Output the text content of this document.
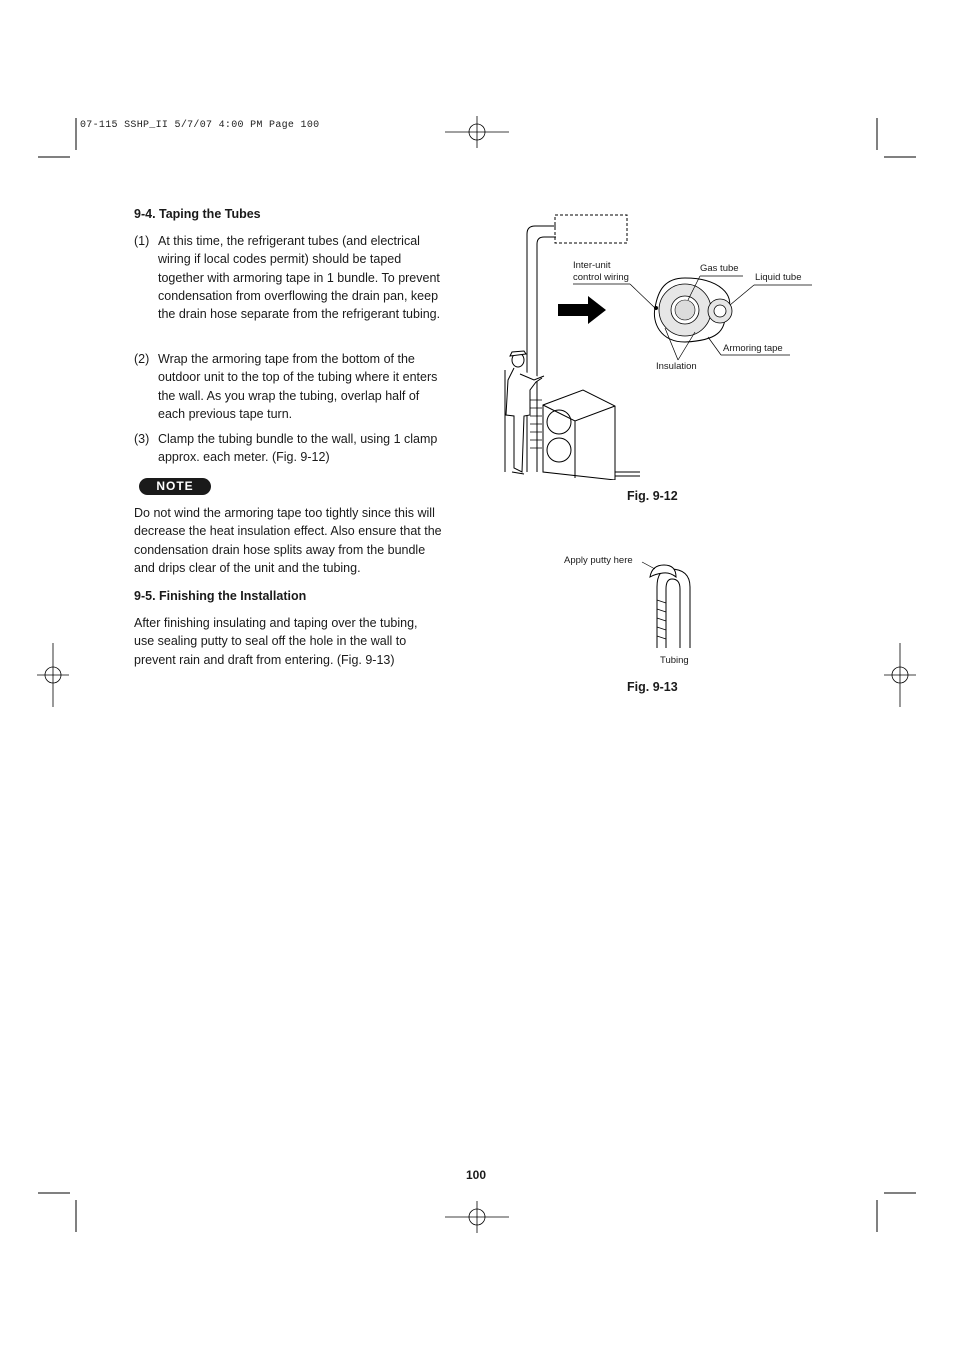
07-115 SSHP_II 5/7/07 4:00 PM Page 100
9-4. Taping the Tubes
(1) At this time, the refrigerant tubes (and electrical wiring if local codes permit) should be taped together with armoring tape in 1 bundle. To prevent condensation from overflowing the drain pan, keep the drain hose separate from the refrigerant tubing.
(2) Wrap the armoring tape from the bottom of the outdoor unit to the top of the tubing where it enters the wall. As you wrap the tubing, overlap half of each previous tape turn.
(3) Clamp the tubing bundle to the wall, using 1 clamp approx. each meter. (Fig. 9-12)
NOTE
Do not wind the armoring tape too tightly since this will decrease the heat insulation effect. Also ensure that the condensation drain hose splits away from the bundle and drips clear of the unit and the tubing.
9-5. Finishing the Installation
After finishing insulating and taping over the tubing, use sealing putty to seal off the hole in the wall to prevent rain and draft from entering. (Fig. 9-13)
Inter-unit
control wiring
Gas tube
Liquid tube
Armoring tape
Insulation
Fig. 9-12
Apply putty here
Tubing
Fig. 9-13
100
